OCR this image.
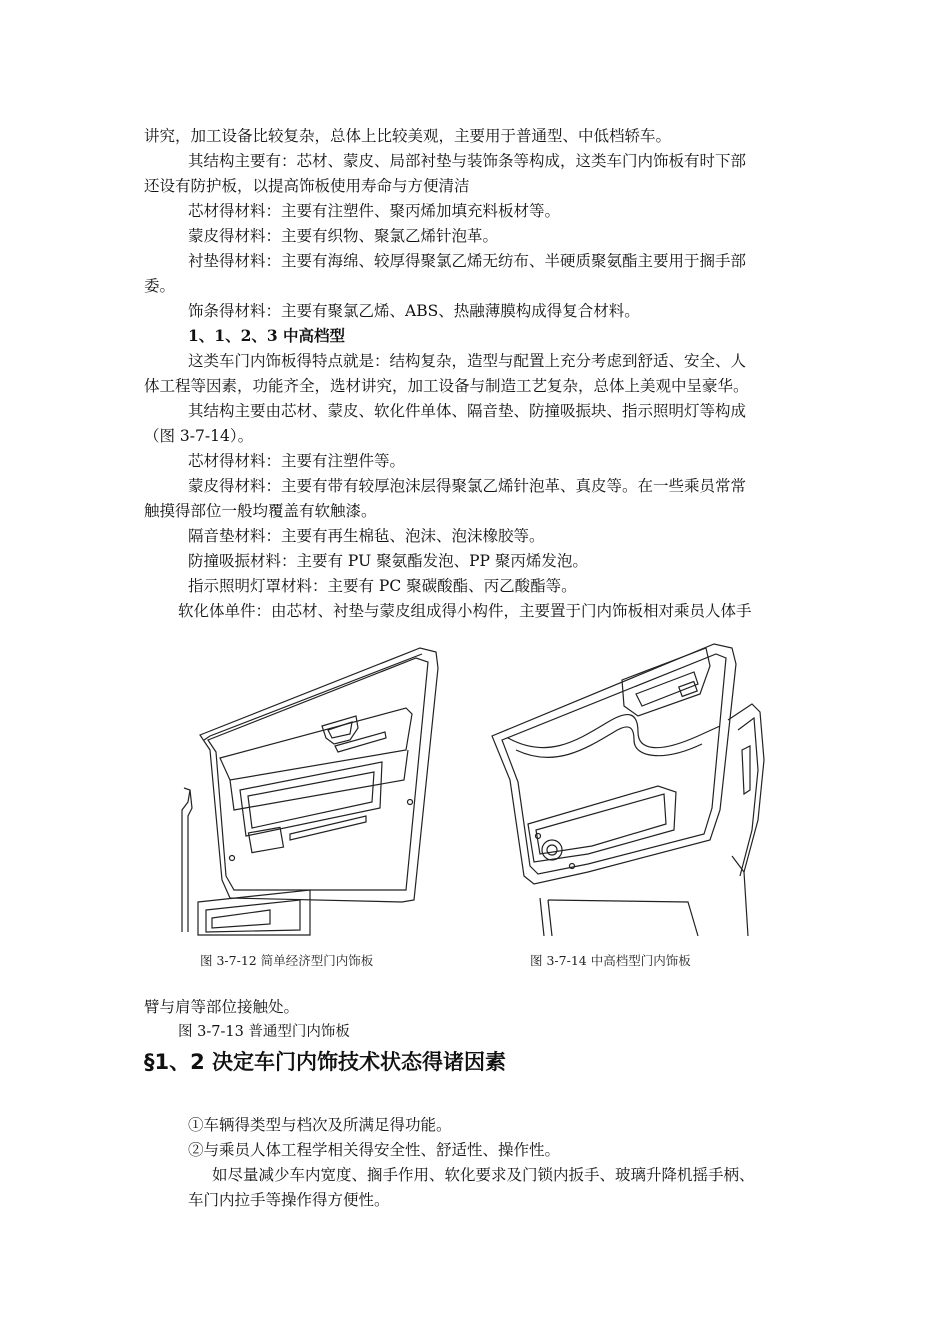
讲究，加工设备比较复杂，总体上比较美观，主要用于普通型、中低档轿车。
其结构主要有：芯材、蒙皮、局部衬垫与装饰条等构成，这类车门内饰板有时下部
还设有防护板，以提高饰板使用寿命与方便清洁
芯材得材料：主要有注塑件、聚丙烯加填充料板材等。
蒙皮得材料：主要有织物、聚氯乙烯针泡革。
衬垫得材料：主要有海绵、较厚得聚氯乙烯无纺布、半硬质聚氨酯主要用于搁手部
委。
饰条得材料：主要有聚氯乙烯、ABS、热融薄膜构成得复合材料。
1、1、2、3 中高档型
这类车门内饰板得特点就是：结构复杂，造型与配置上充分考虑到舒适、安全、人
体工程等因素，功能齐全，选材讲究，加工设备与制造工艺复杂，总体上美观中呈豪华。
其结构主要由芯材、蒙皮、软化件单体、隔音垫、防撞吸振块、指示照明灯等构成
（图 3-7-14）。
芯材得材料：主要有注塑件等。
蒙皮得材料：主要有带有较厚泡沫层得聚氯乙烯针泡革、真皮等。在一些乘员常常
触摸得部位一般均覆盖有软触漆。
隔音垫材料：主要有再生棉毡、泡沫、泡沫橡胶等。
防撞吸振材料：主要有 PU 聚氨酯发泡、PP 聚丙烯发泡。
指示照明灯罩材料：主要有 PC 聚碳酸酯、丙乙酸酯等。
软化体单件：由芯材、衬垫与蒙皮组成得小构件，主要置于门内饰板相对乘员人体手
图 3-7-12 简单经济型门内饰板	图 3-7-14 中高档型门内饰板
臂与肩等部位接触处。
图 3-7-13 普通型门内饰板
§1、2 决定车门内饰技术状态得诸因素
①车辆得类型与档次及所满足得功能。
②与乘员人体工程学相关得安全性、舒适性、操作性。
如尽量减少车内宽度、搁手作用、软化要求及门锁内扳手、玻璃升降机摇手柄、
车门内拉手等操作得方便性。
